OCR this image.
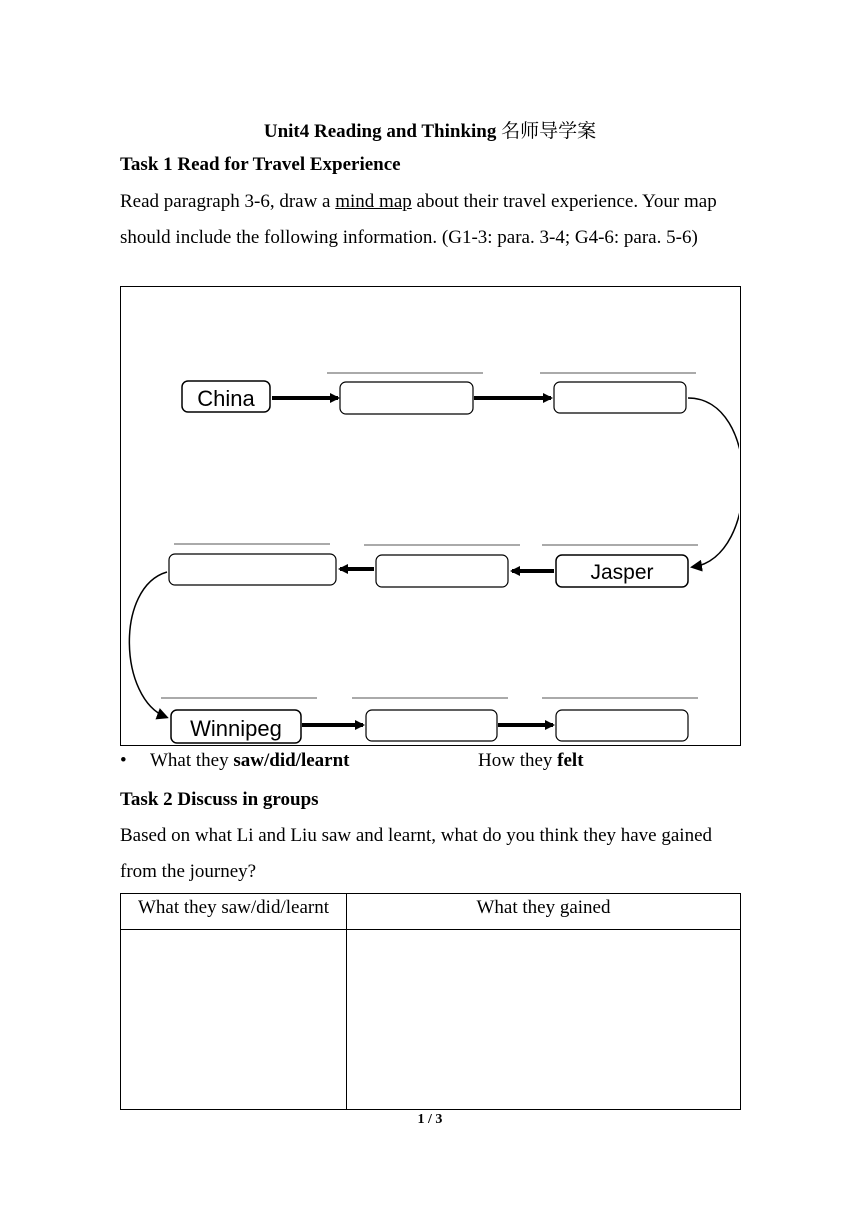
Unit4 Reading and Thinking 名师导学案
Task 1 Read for Travel Experience
Read paragraph 3-6, draw a mind map about their travel experience. Your map
should include the following information. (G1-3: para. 3-4; G4-6: para. 5-6)
China
Jasper
Winnipeg
• What they saw/did/learnt	How they felt
Task 2 Discuss in groups
Based on what Li and Liu saw and learnt, what do you think they have gained
from the journey?
What they saw/did/learnt	What they gained

1 / 3
